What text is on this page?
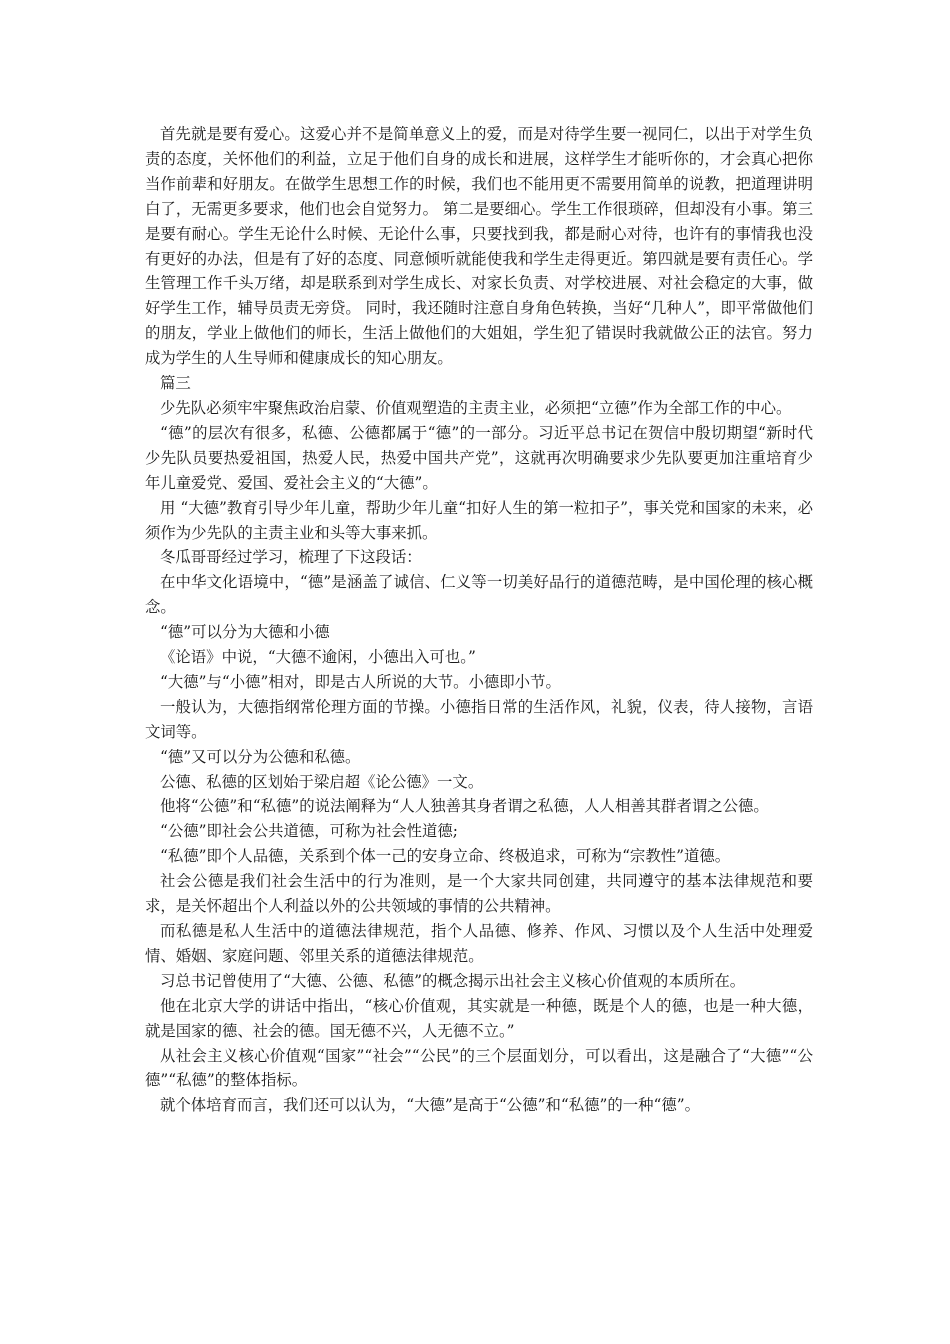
首先就是要有爱心。这爱心并不是简单意义上的爱，而是对待学生要一视同仁，以出于对学生负责的态度，关怀他们的利益，立足于他们自身的成长和进展，这样学生才能听你的，才会真心把你当作前辈和好朋友。在做学生思想工作的时候，我们也不能用更不需要用简单的说教，把道理讲明白了，无需更多要求，他们也会自觉努力。 第二是要细心。学生工作很琐碎，但却没有小事。第三是要有耐心。学生无论什么时候、无论什么事，只要找到我，都是耐心对待，也许有的事情我也没有更好的办法，但是有了好的态度、同意倾听就能使我和学生走得更近。第四就是要有责任心。学生管理工作千头万绪，却是联系到对学生成长、对家长负责、对学校进展、对社会稳定的大事，做好学生工作，辅导员责无旁贷。 同时，我还随时注意自身角色转换，当好“几种人”，即平常做他们的朋友，学业上做他们的师长，生活上做他们的大姐姐，学生犯了错误时我就做公正的法官。努力成为学生的人生导师和健康成长的知心朋友。

篇三

少先队必须牢牢聚焦政治启蒙、价值观塑造的主责主业，必须把“立德”作为全部工作的中心。

“德”的层次有很多，私德、公德都属于“德”的一部分。习近平总书记在贺信中殷切期望“新时代少先队员要热爱祖国，热爱人民，热爱中国共产党”，这就再次明确要求少先队要更加注重培育少年儿童爱党、爱国、爱社会主义的“大德”。

用 “大德”教育引导少年儿童，帮助少年儿童“扣好人生的第一粒扣子”，事关党和国家的未来，必须作为少先队的主责主业和头等大事来抓。

冬瓜哥哥经过学习，梳理了下这段话：

在中华文化语境中，“德”是涵盖了诚信、仁义等一切美好品行的道德范畴，是中国伦理的核心概念。

“德”可以分为大德和小德

《论语》中说，“大德不逾闲，小德出入可也。”

“大德”与“小德”相对，即是古人所说的大节。小德即小节。

一般认为，大德指纲常伦理方面的节操。小德指日常的生活作风，礼貌，仪表，待人接物，言语文词等。

“德”又可以分为公德和私德。

公德、私德的区划始于梁启超《论公德》一文。

他将“公德”和“私德”的说法阐释为“人人独善其身者谓之私德，人人相善其群者谓之公德。

“公德”即社会公共道德，可称为社会性道德;

“私德”即个人品德，关系到个体一己的安身立命、终极追求，可称为“宗教性”道德。

社会公德是我们社会生活中的行为准则，是一个大家共同创建，共同遵守的基本法律规范和要求，是关怀超出个人利益以外的公共领域的事情的公共精神。

而私德是私人生活中的道德法律规范，指个人品德、修养、作风、习惯以及个人生活中处理爱情、婚姻、家庭问题、邻里关系的道德法律规范。

习总书记曾使用了“大德、公德、私德”的概念揭示出社会主义核心价值观的本质所在。

他在北京大学的讲话中指出，“核心价值观，其实就是一种德，既是个人的德，也是一种大德，就是国家的德、社会的德。国无德不兴，人无德不立。”

从社会主义核心价值观“国家”“社会”“公民”的三个层面划分，可以看出，这是融合了“大德”“公德”“私德”的整体指标。

就个体培育而言，我们还可以认为，“大德”是高于“公德”和“私德”的一种“德”。
